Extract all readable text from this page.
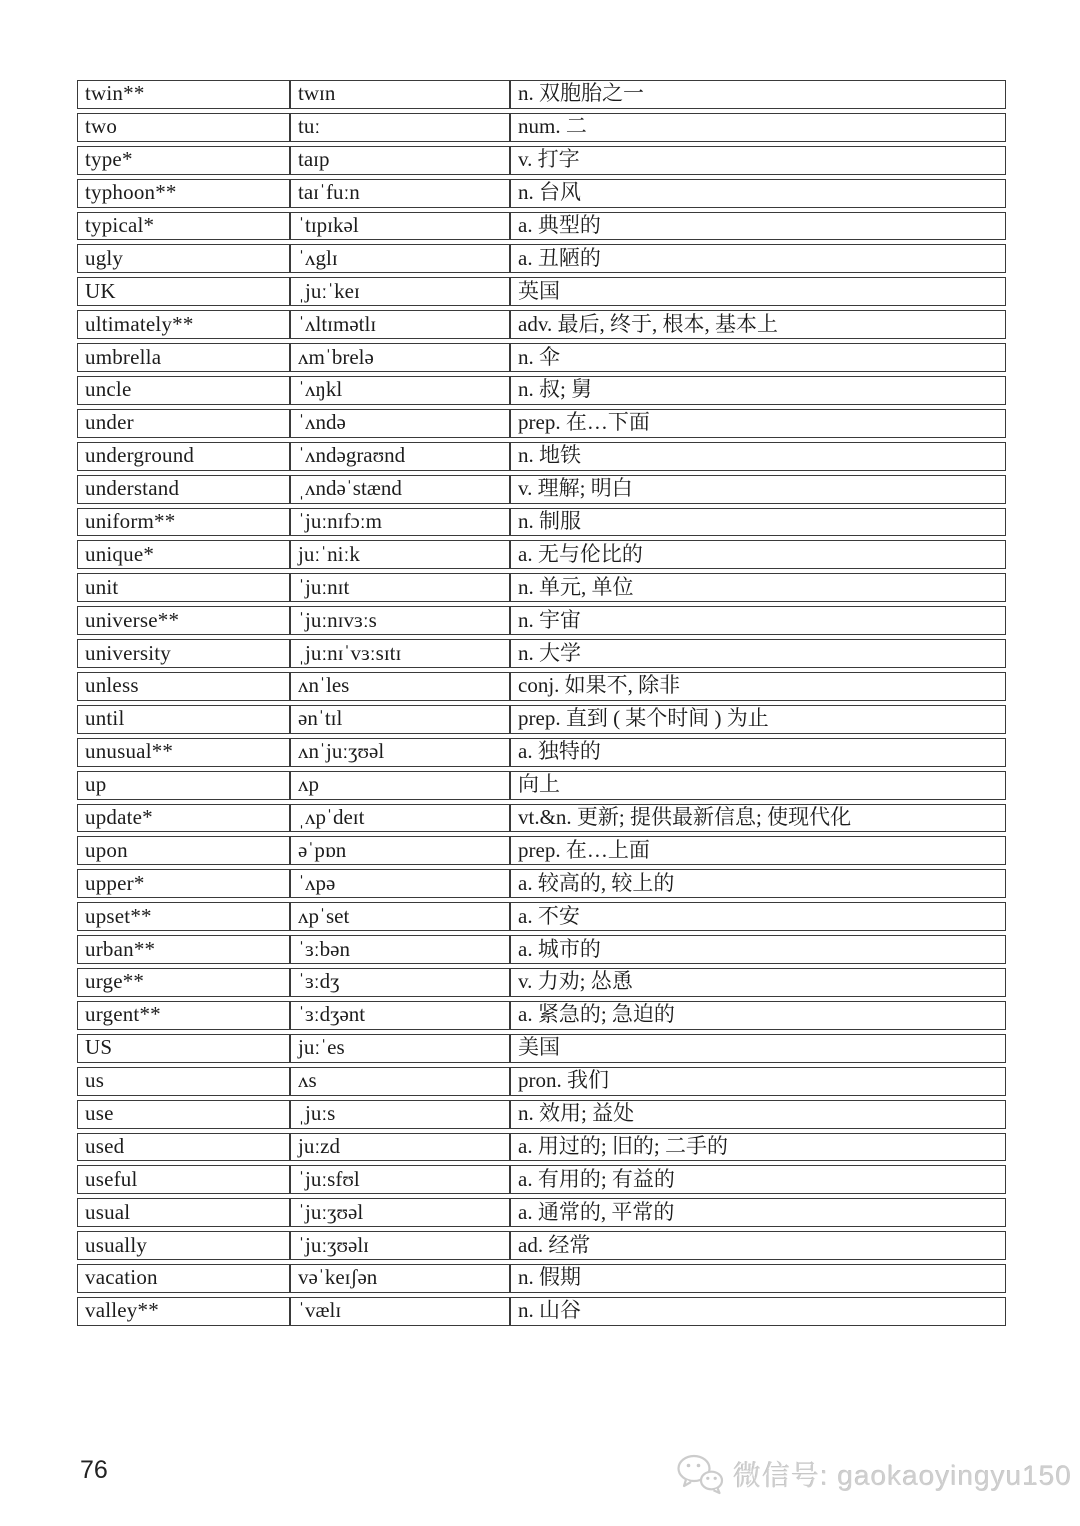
twin**	twɪn	n. 双胞胎之一
two	tuː	num. 二
type*	taɪp	v. 打字
typhoon**	taɪˈfuːn	n. 台风
typical*	ˈtɪpɪkəl	a. 典型的
ugly	ˈʌglɪ	a. 丑陋的
UK	ˌjuːˈkeɪ	英国
ultimately**	ˈʌltɪmətlɪ	adv. 最后, 终于, 根本, 基本上
umbrella	ʌmˈbrelə	n. 伞
uncle	ˈʌŋkl	n. 叔; 舅
under	ˈʌndə	prep. 在…下面
underground	ˈʌndəgraʊnd	n. 地铁
understand	ˌʌndəˈstænd	v. 理解; 明白
uniform**	ˈjuːnɪfɔːm	n. 制服
unique*	juːˈniːk	a. 无与伦比的
unit	ˈjuːnɪt	n. 单元, 单位
universe**	ˈjuːnɪvɜːs	n. 宇宙
university	ˌjuːnɪˈvɜːsɪtɪ	n. 大学
unless	ʌnˈles	conj. 如果不, 除非
until	ənˈtɪl	prep. 直到 ( 某个时间 ) 为止
unusual**	ʌnˈjuːʒʊəl	a. 独特的
up	ʌp	向上
update*	ˌʌpˈdeɪt	vt.&n. 更新; 提供最新信息; 使现代化
upon	əˈpɒn	prep. 在…上面
upper*	ˈʌpə	a. 较高的, 较上的
upset**	ʌpˈset	a. 不安
urban**	ˈɜːbən	a. 城市的
urge**	ˈɜːdʒ	v. 力劝; 怂恿
urgent**	ˈɜːdʒənt	a. 紧急的; 急迫的
US	juːˈes	美国
us	ʌs	pron. 我们
use	ˌjuːs	n. 效用; 益处
used	juːzd	a. 用过的; 旧的; 二手的
useful	ˈjuːsfʊl	a. 有用的; 有益的
usual	ˈjuːʒʊəl	a. 通常的, 平常的
usually	ˈjuːʒʊəlɪ	ad. 经常
vacation	vəˈkeɪʃən	n. 假期
valley**	ˈvælɪ	n. 山谷
76	微信号: gaokaoyingyu150
